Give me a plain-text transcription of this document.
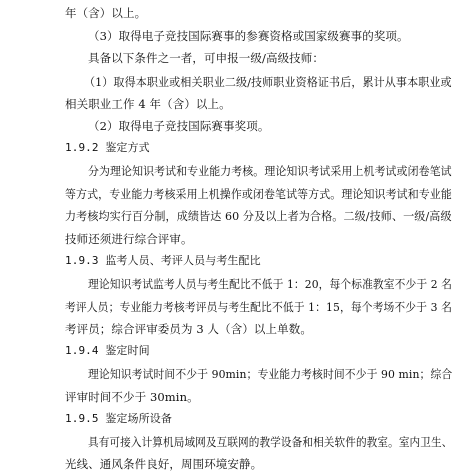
年（含）以上。
（3）取得电子竞技国际赛事的参赛资格或国家级赛事的奖项。
具备以下条件之一者，可申报一级/高级技师：
（1）取得本职业或相关职业二级/技师职业资格证书后，累计从事本职业或
相关职业工作 4 年（含）以上。
（2）取得电子竞技国际赛事奖项。
1.9.2 鉴定方式
分为理论知识考试和专业能力考核。理论知识考试采用上机考试或闭卷笔试
等方式，专业能力考核采用上机操作或闭卷笔试等方式。理论知识考试和专业能
力考核均实行百分制，成绩皆达 60 分及以上者为合格。二级/技师、一级/高级
技师还须进行综合评审。
1.9.3 监考人员、考评人员与考生配比
理论知识考试监考人员与考生配比不低于 1：20，每个标准教室不少于 2 名
考评人员；专业能力考核考评员与考生配比不低于 1：15，每个考场不少于 3 名
考评员；综合评审委员为 3 人（含）以上单数。
1.9.4 鉴定时间
理论知识考试时间不少于 90min；专业能力考核时间不少于 90 min；综合
评审时间不少于 30min。
1.9.5 鉴定场所设备
具有可接入计算机局域网及互联网的教学设备和相关软件的教室。室内卫生、
光线、通风条件良好，周围环境安静。
